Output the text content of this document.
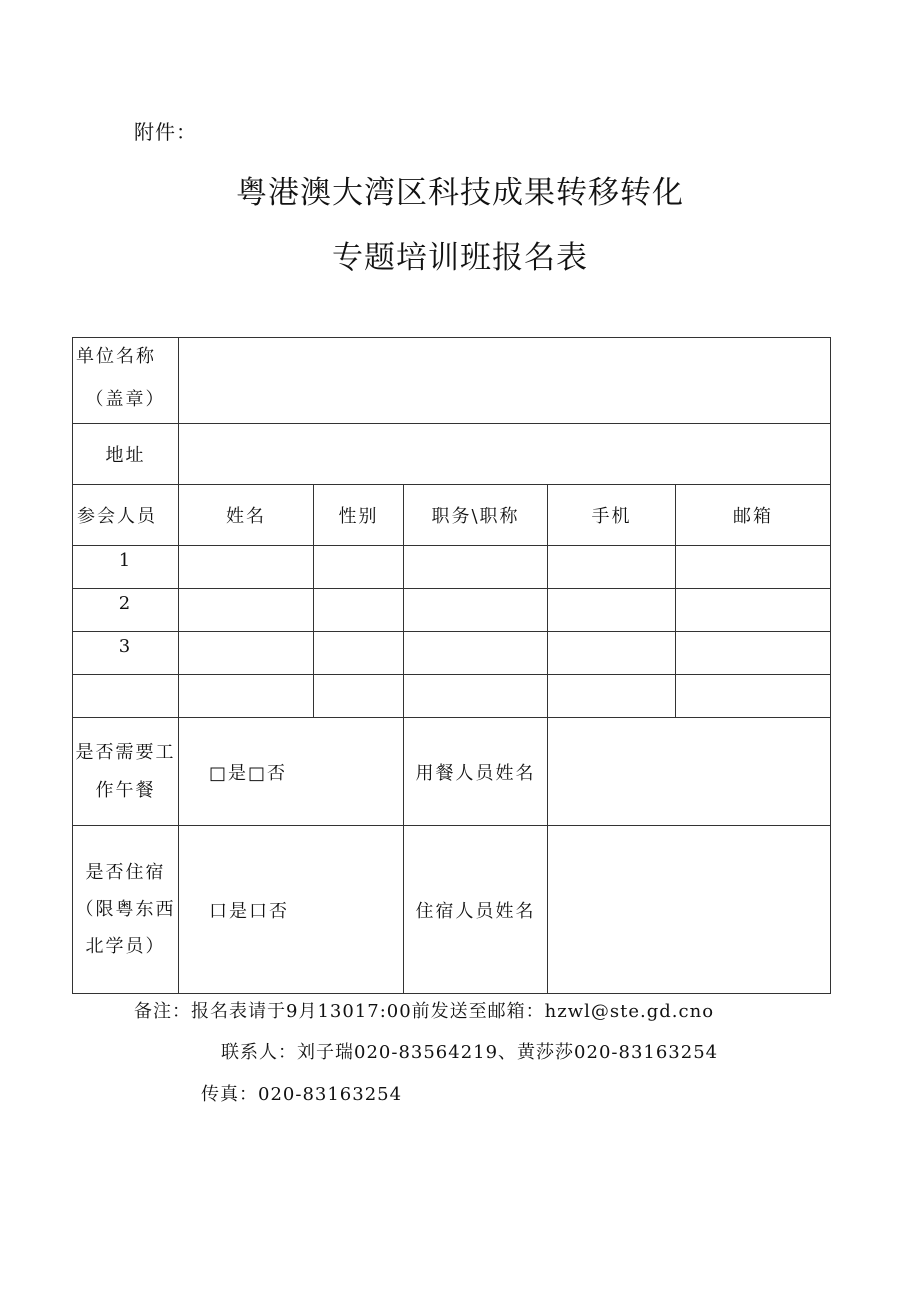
附件：
粤港澳大湾区科技成果转移转化
专题培训班报名表
单位名称
（盖章）					

地址					
参会人员	姓名	性别	职务\职称	手机	邮箱
1					
2					
3					

是否需要工
作午餐	□是□否		用餐人员姓名		

是否住宿
（限粤东西
北学员）	口是口否		住宿人员姓名		
备注：报名表请于9月13017:00前发送至邮箱：hzwl@ste.gd.cno
联系人：刘子瑞020-83564219、黄莎莎020-83163254
传真：020-83163254
